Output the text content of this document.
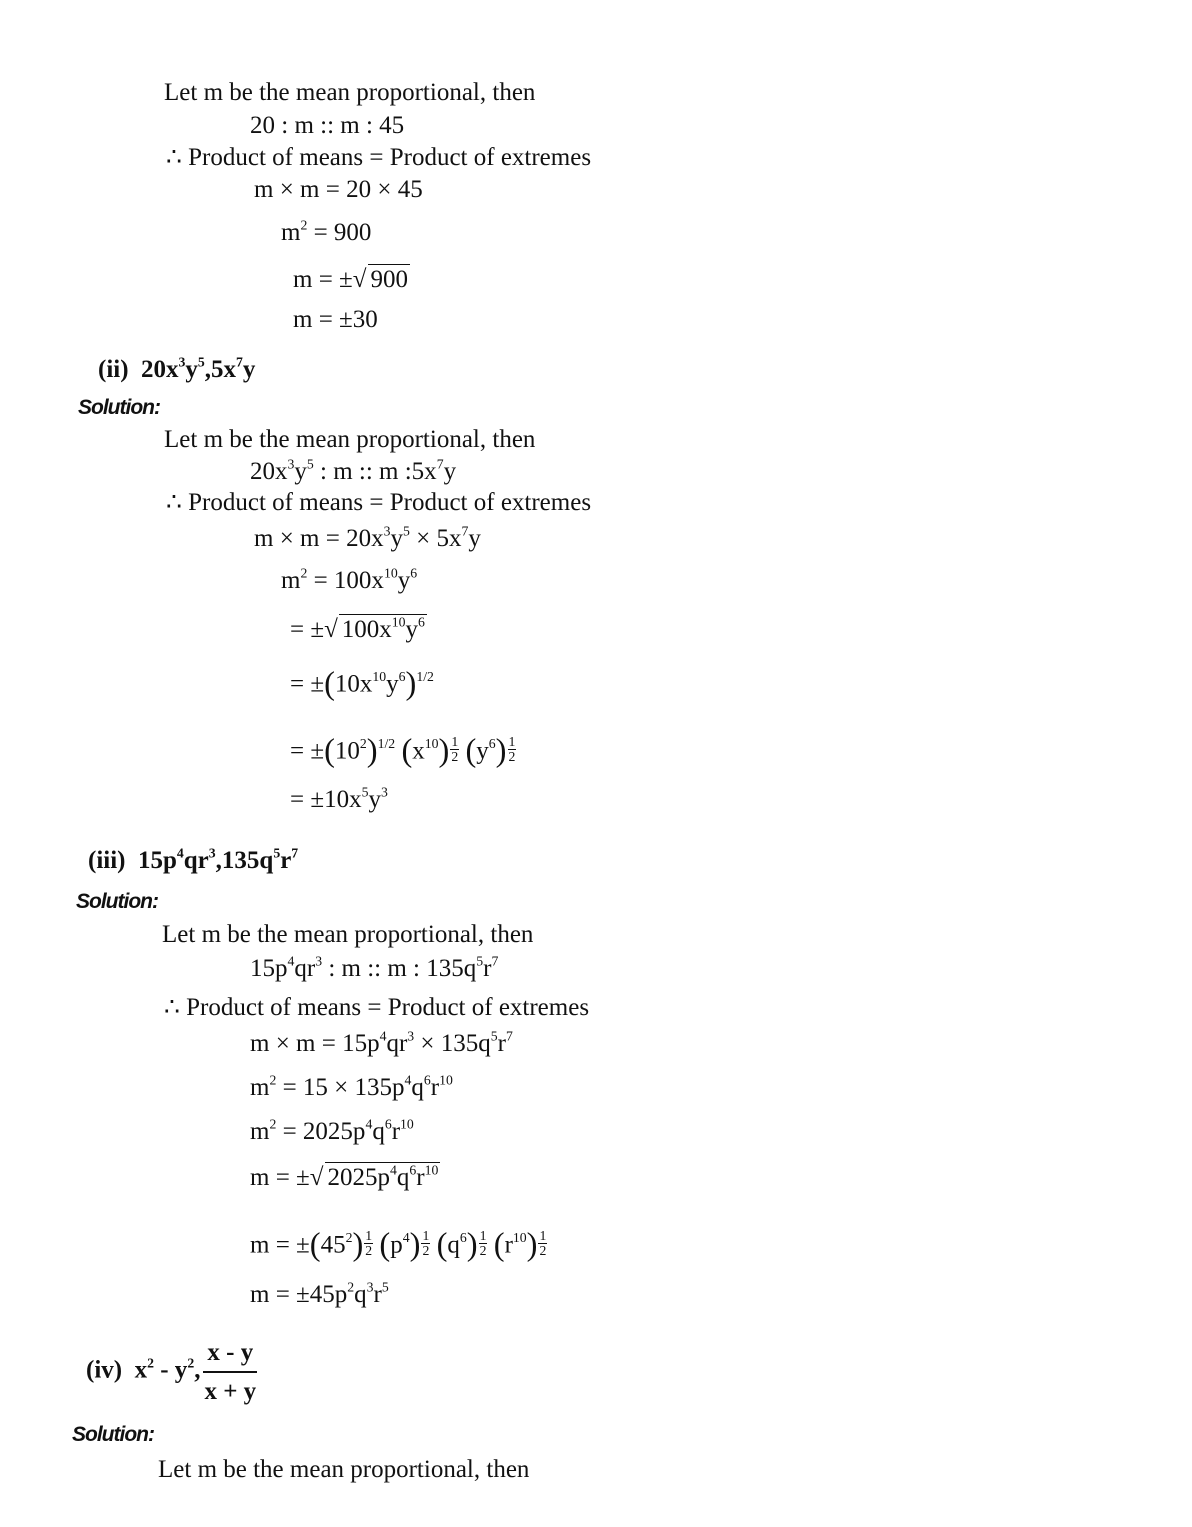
Let m be the mean proportional, then
20 : m :: m : 45
∴ Product of means = Product of extremes
m × m = 20 × 45
$m^2 = 900$
m = ±√ 900
m = ±30
(ii) $20x^3y^5,5x^7y$
Solution:
Let m be the mean proportional, then
$20x^3y^5$ : m :: m $:5x^7y$
∴ Product of means = Product of extremes
$m \times m = 20x^3y^5 \times 5x^7y$
$m^2 = 100x^{10}y^6$
= ±√ $100x^{10}y^6$
= $\pm(10x^{10}y^6)^{1/2}$
= $\pm(10^2)^{1/2}$ $(x^{10}) \frac{1}{2} (y^6) \frac{1}{2}$
= $\pm 10x^5y^3$
(iii) $15p^4qr^3,135q^5r^7$
Solution:
Let m be the mean proportional, then
$15p^4qr^3$ : m :: m : $135q^5r^7$
∴ Product of means = Product of extremes
$m \times m = 15p^4qr^3 \times 135q^5r^7$
$m^2 = 15 \times 135p^4q^6r^{10}$
$m^2 = 2025p^4q^6r^{10}$
m = ±√ $2025p^4q^6r^{10}$
$m = \pm(45^2) \frac{1}{2} (p^4) \frac{1}{2} (q^6) \frac{1}{2} (r^{10}) \frac{1}{2}$
$m = \pm 45p^2q^3r^5$
(iv) $x^2 - y^2$, $\frac{x - y}{x + y}$
Solution:
Let m be the mean proportional, then
